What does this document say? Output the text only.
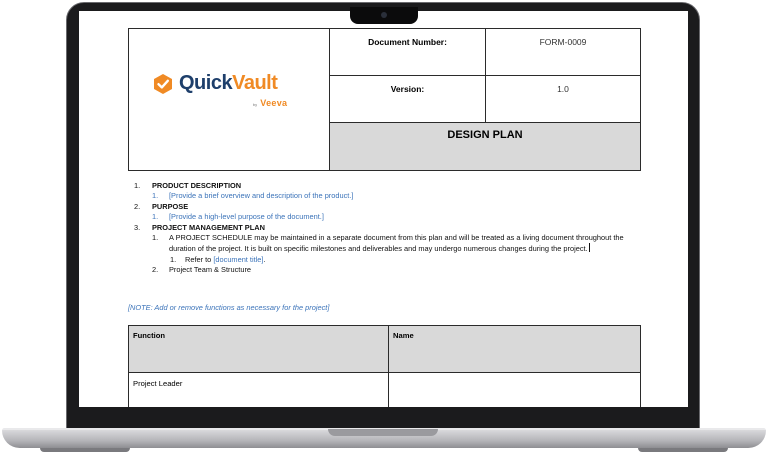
QuickVault
by Veeva	Document Number:	FORM-0009

	Version:	1.0

	DESIGN PLAN	
1. PRODUCT DESCRIPTION
1. [Provide a brief overview and description of the product.]
2. PURPOSE
1. [Provide a high-level purpose of the document.]
3. PROJECT MANAGEMENT PLAN
1. A PROJECT SCHEDULE may be maintained in a separate document from this plan and will be treated as a living document throughout the duration of the project. It is built on specific milestones and deliverables and may undergo numerous changes during the project.
1. Refer to [document title].
2. Project Team & Structure
[NOTE: Add or remove functions as necessary for the project]
Function	Name
Project Leader	
